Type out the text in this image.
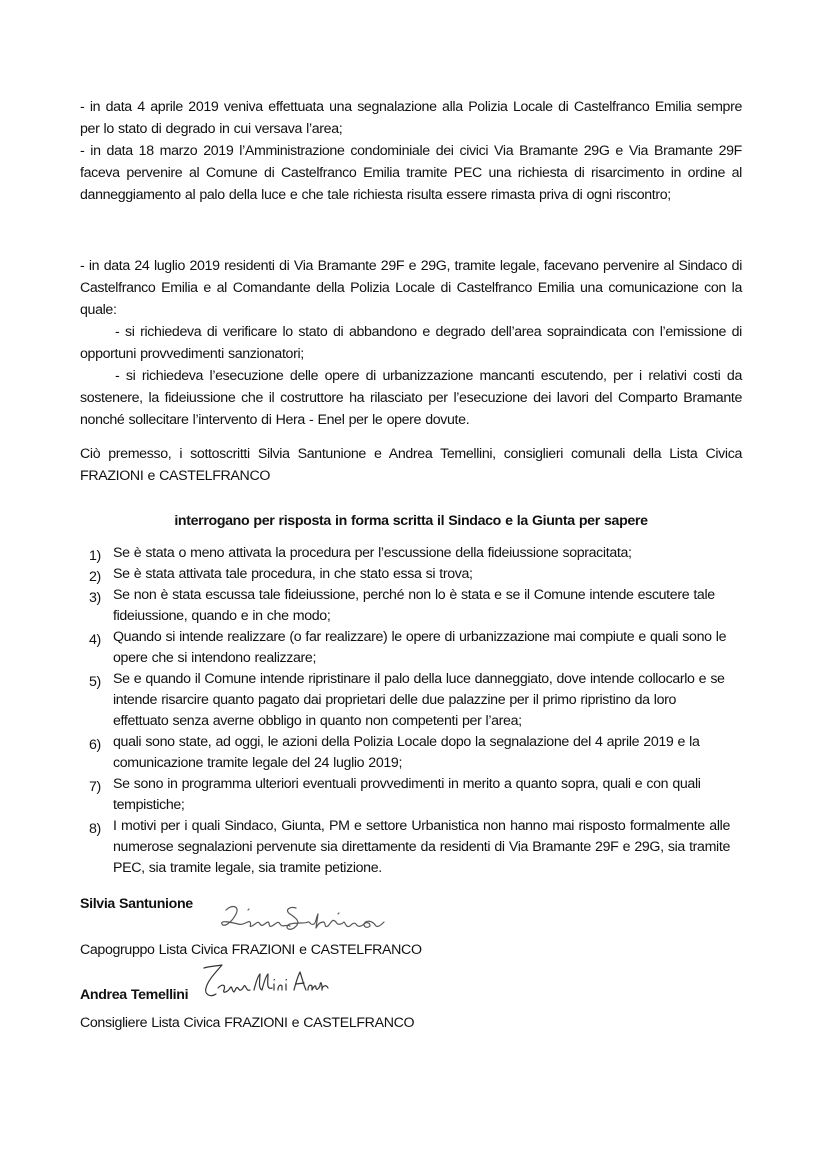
- in data 4 aprile 2019 veniva effettuata una segnalazione alla Polizia Locale di Castelfranco Emilia sempre per lo stato di degrado in cui versava l’area;
- in data 18 marzo 2019 l’Amministrazione condominiale dei civici Via Bramante 29G e Via Bramante 29F faceva pervenire al Comune di Castelfranco Emilia tramite PEC una richiesta di risarcimento in ordine al danneggiamento al palo della luce e che tale richiesta risulta essere rimasta priva di ogni riscontro;
- in data 24 luglio 2019 residenti di Via Bramante 29F e 29G, tramite legale, facevano pervenire al Sindaco di Castelfranco Emilia e al Comandante della Polizia Locale di Castelfranco Emilia una comunicazione con la quale:
- si richiedeva di verificare lo stato di abbandono e degrado dell’area sopraindicata con l’emissione di opportuni provvedimenti sanzionatori;
- si richiedeva l’esecuzione delle opere di urbanizzazione mancanti escutendo, per i relativi costi da sostenere, la fideiussione che il costruttore ha rilasciato per l’esecuzione dei lavori del Comparto Bramante nonché sollecitare l’intervento di Hera - Enel per le opere dovute.
Ciò premesso, i sottoscritti Silvia Santunione e Andrea Temellini, consiglieri comunali della Lista Civica FRAZIONI e CASTELFRANCO
interrogano per risposta in forma scritta il Sindaco e la Giunta per sapere
1) Se è stata o meno attivata la procedura per l’escussione della fideiussione sopracitata;
2) Se è stata attivata tale procedura, in che stato essa si trova;
3) Se non è stata escussa tale fideiussione, perché non lo è stata e se il Comune intende escutere tale fideiussione, quando e in che modo;
4) Quando si intende realizzare (o far realizzare) le opere di urbanizzazione mai compiute e quali sono le opere che si intendono realizzare;
5) Se e quando il Comune intende ripristinare il palo della luce danneggiato, dove intende collocarlo e se intende risarcire quanto pagato dai proprietari delle due palazzine per il primo ripristino da loro effettuato senza averne obbligo in quanto non competenti per l’area;
6) quali sono state, ad oggi, le azioni della Polizia Locale dopo la segnalazione del 4 aprile 2019 e la comunicazione tramite legale del 24 luglio 2019;
7) Se sono in programma ulteriori eventuali provvedimenti in merito a quanto sopra, quali e con quali tempistiche;
8) I motivi per i quali Sindaco, Giunta, PM e settore Urbanistica non hanno mai risposto formalmente alle numerose segnalazioni pervenute sia direttamente da residenti di Via Bramante 29F e 29G, sia tramite PEC, sia tramite legale, sia tramite petizione.
Silvia Santunione
Capogruppo Lista Civica FRAZIONI e CASTELFRANCO
Andrea Temellini
Consigliere Lista Civica FRAZIONI e CASTELFRANCO
